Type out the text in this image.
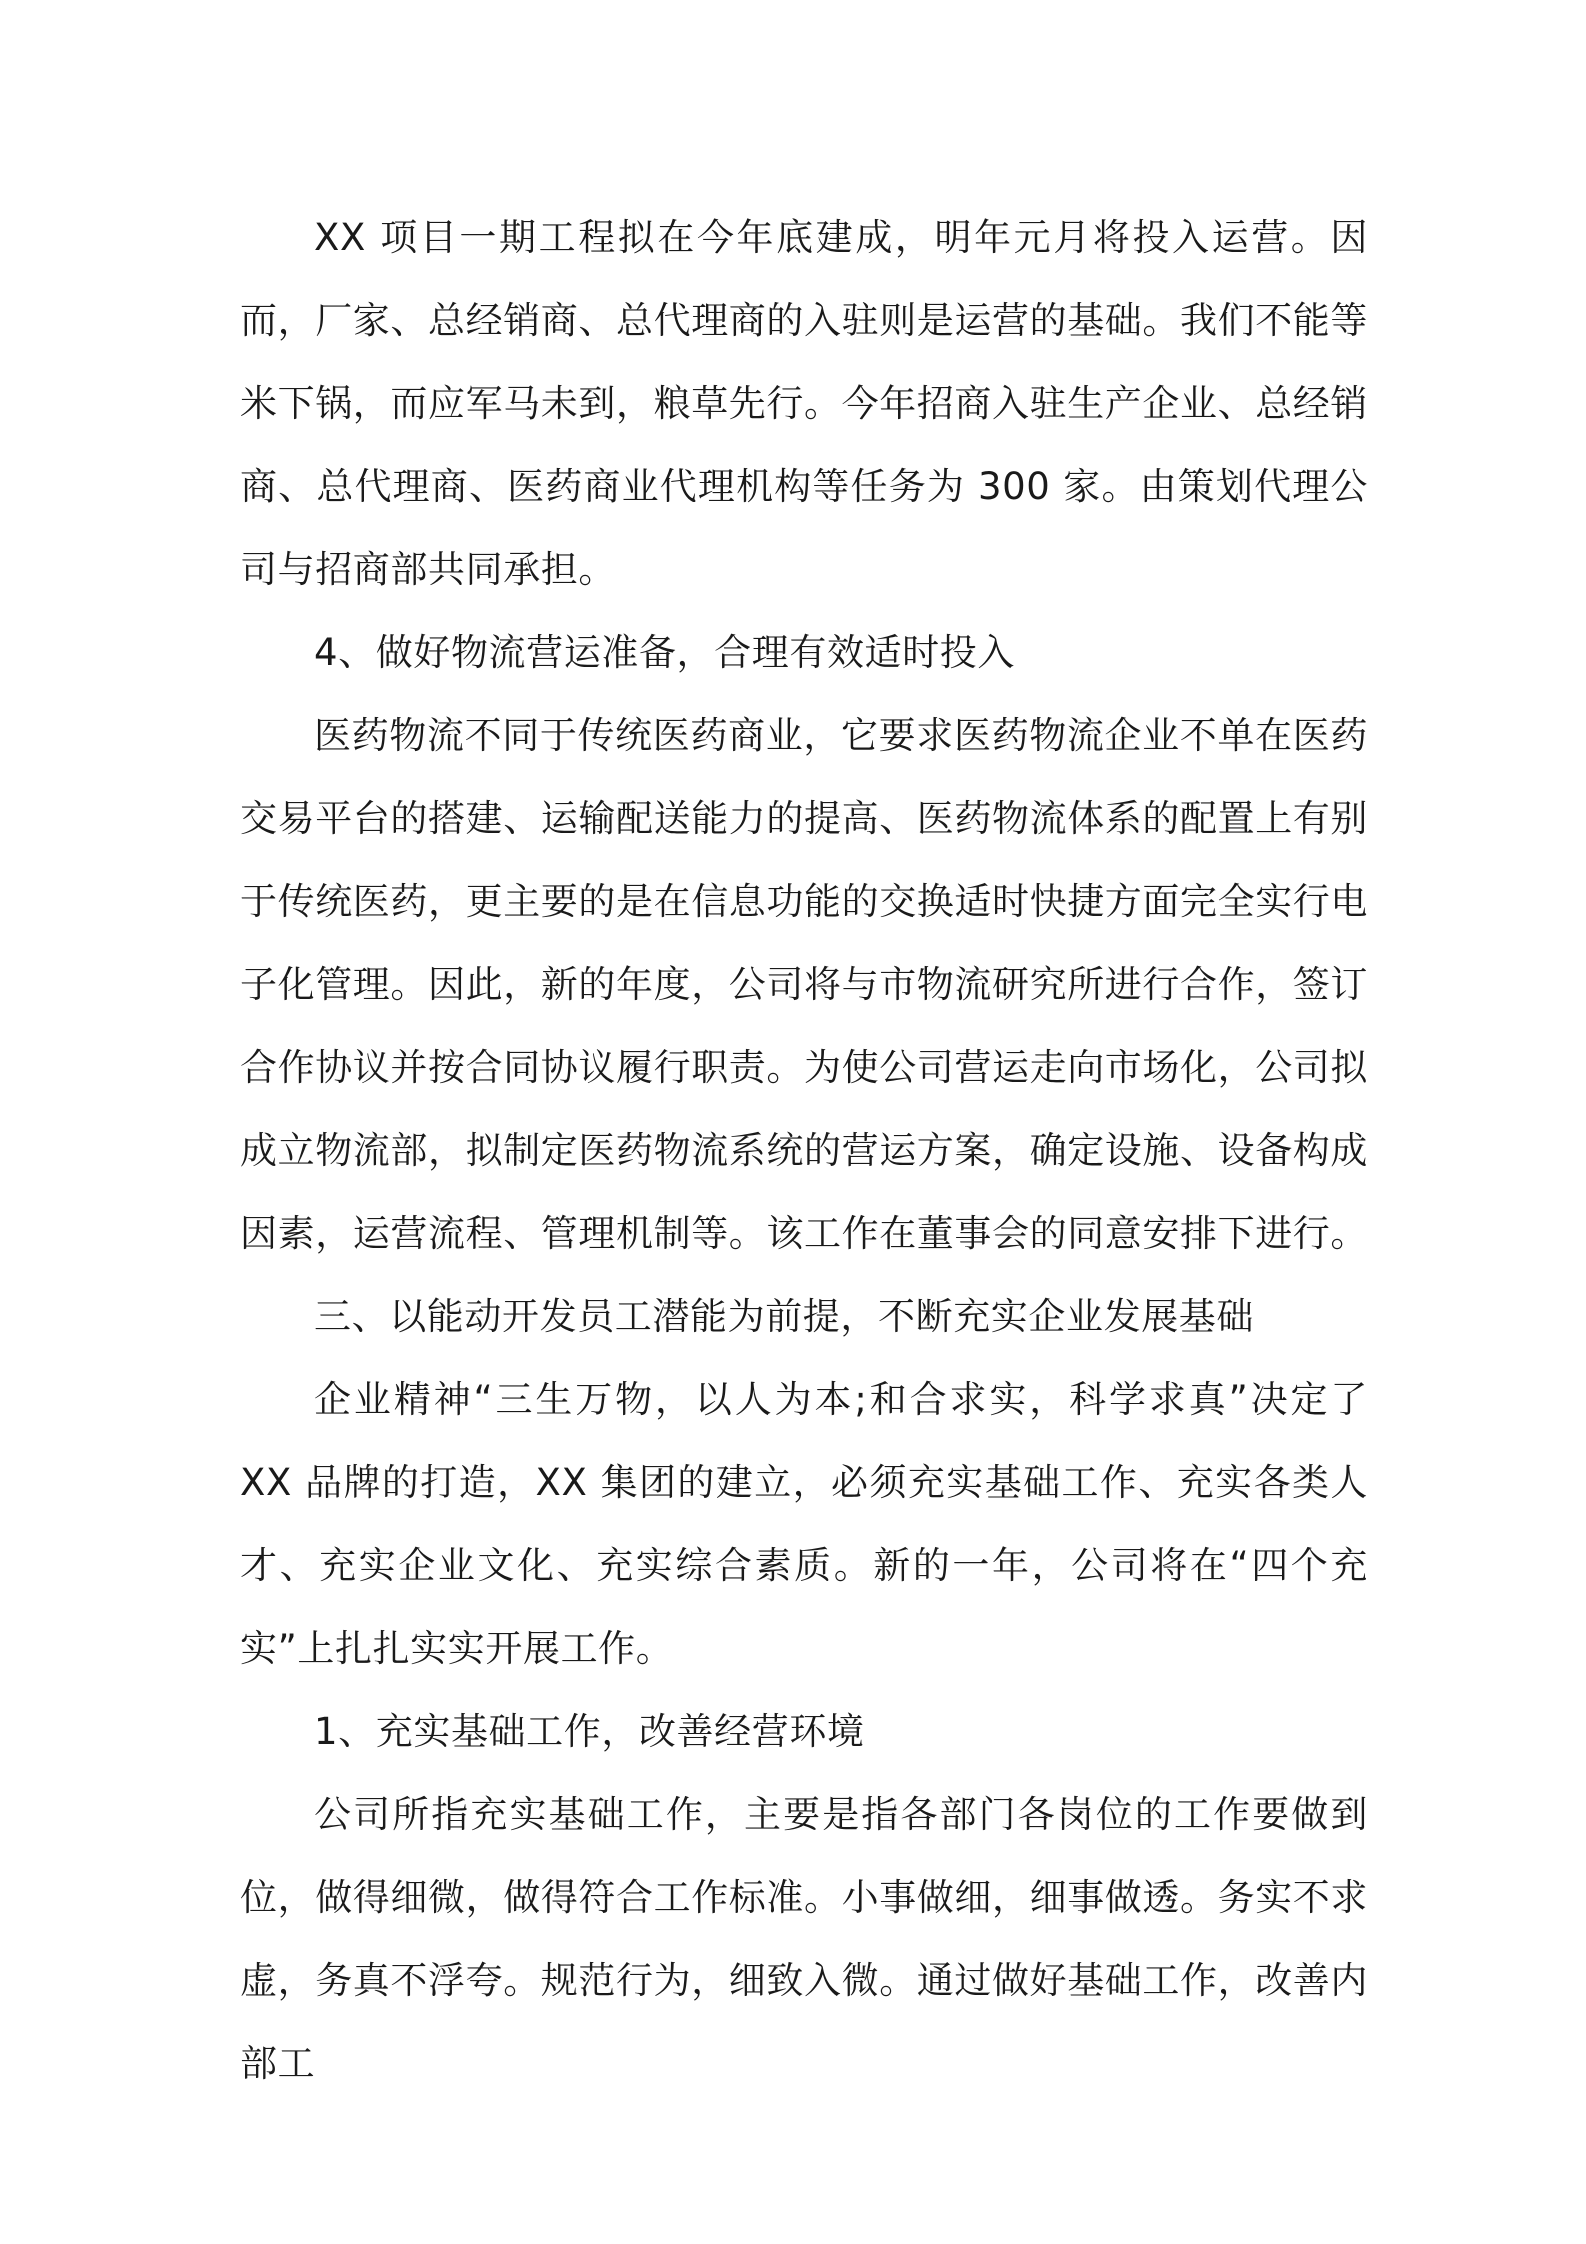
XX 项目一期工程拟在今年底建成，明年元月将投入运营。因而，厂家、总经销商、总代理商的入驻则是运营的基础。我们不能等米下锅，而应军马未到，粮草先行。今年招商入驻生产企业、总经销商、总代理商、医药商业代理机构等任务为 300 家。由策划代理公司与招商部共同承担。

4、做好物流营运准备，合理有效适时投入

医药物流不同于传统医药商业，它要求医药物流企业不单在医药交易平台的搭建、运输配送能力的提高、医药物流体系的配置上有别于传统医药，更主要的是在信息功能的交换适时快捷方面完全实行电子化管理。因此，新的年度，公司将与市物流研究所进行合作，签订合作协议并按合同协议履行职责。为使公司营运走向市场化，公司拟成立物流部，拟制定医药物流系统的营运方案，确定设施、设备构成因素，运营流程、管理机制等。该工作在董事会的同意安排下进行。

三、以能动开发员工潜能为前提，不断充实企业发展基础

企业精神“三生万物，以人为本;和合求实，科学求真”决定了 XX 品牌的打造，XX 集团的建立，必须充实基础工作、充实各类人才、充实企业文化、充实综合素质。新的一年，公司将在“四个充实”上扎扎实实开展工作。

1、充实基础工作，改善经营环境

公司所指充实基础工作，主要是指各部门各岗位的工作要做到位，做得细微，做得符合工作标准。小事做细，细事做透。务实不求虚，务真不浮夸。规范行为，细致入微。通过做好基础工作，改善内部工
